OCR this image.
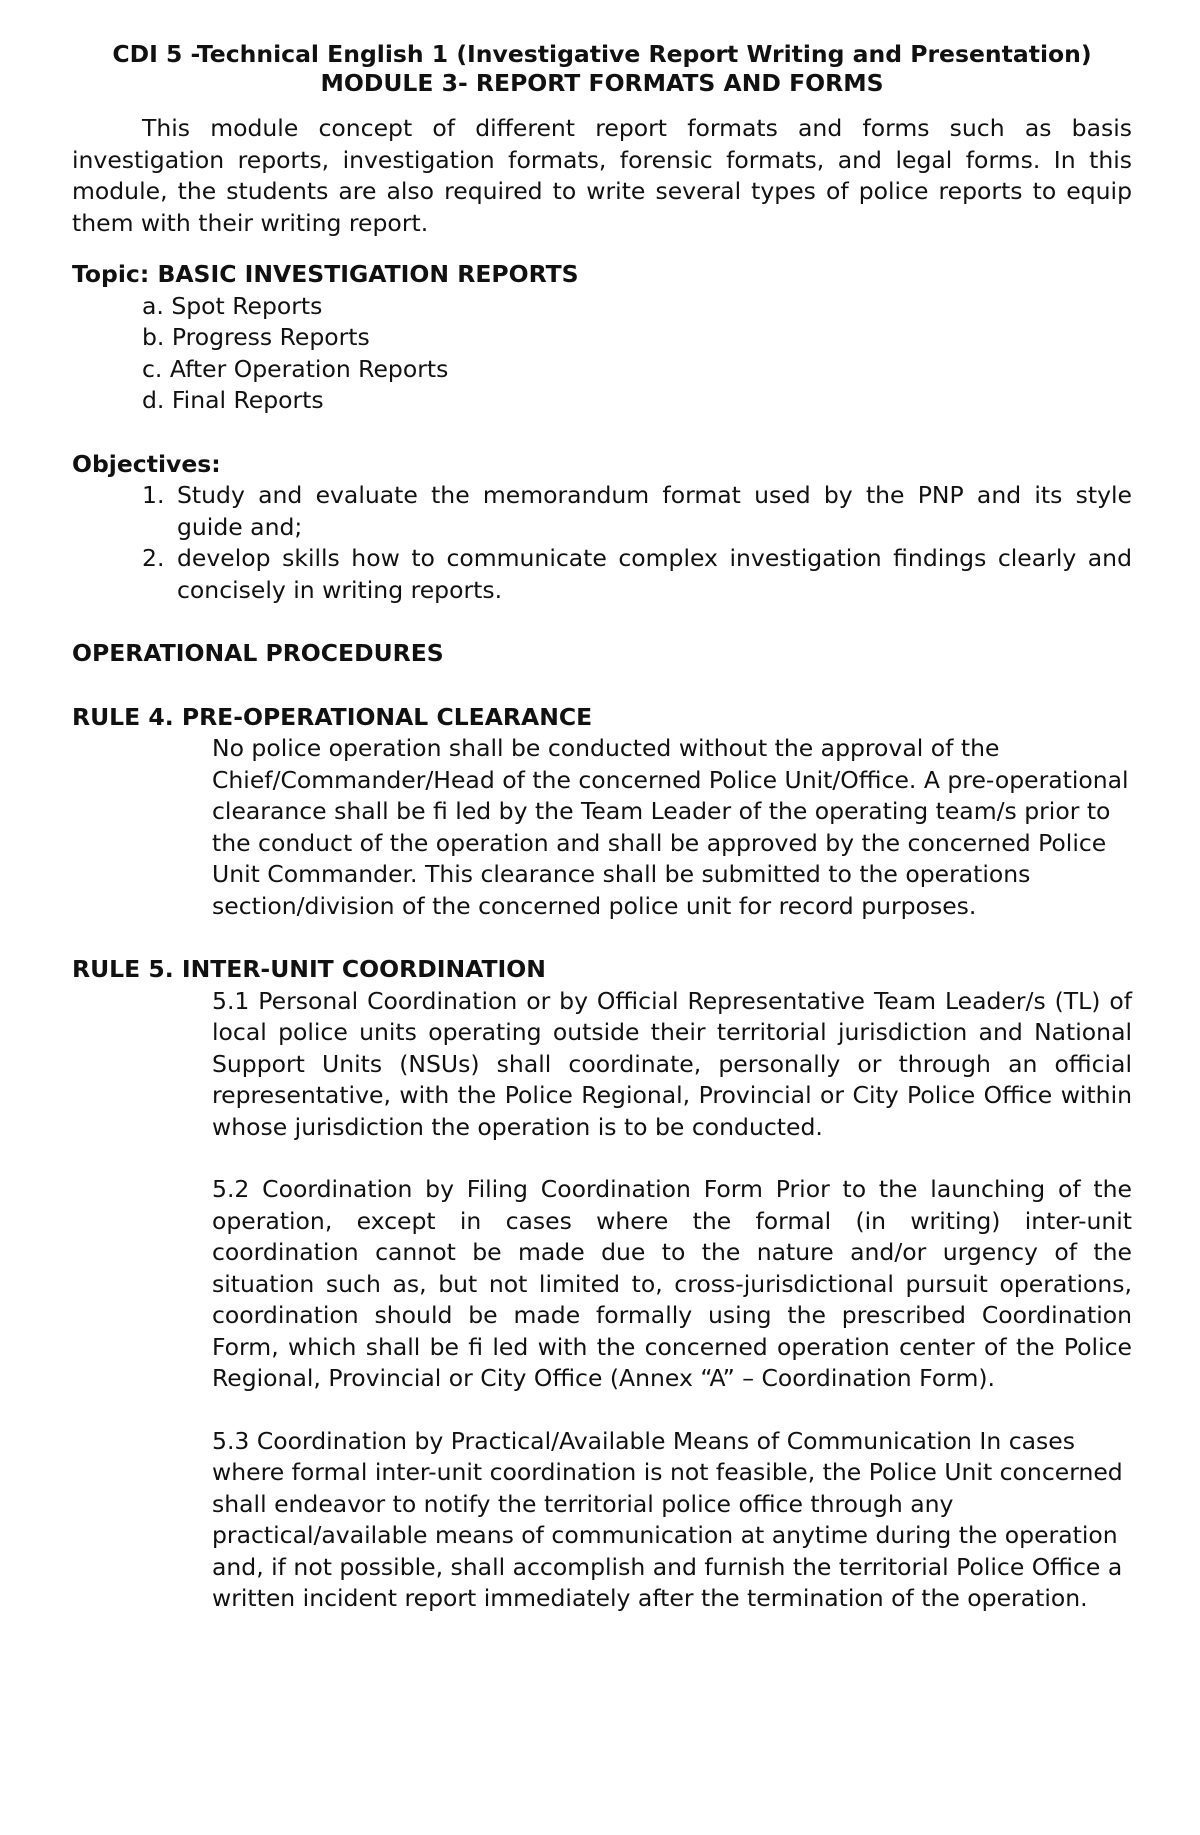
CDI 5 -Technical English 1 (Investigative Report Writing and Presentation)
MODULE 3- REPORT FORMATS AND FORMS
This module concept of different report formats and forms such as basis investigation reports, investigation formats, forensic formats, and legal forms. In this module, the students are also required to write several types of police reports to equip them with their writing report.
Topic: BASIC INVESTIGATION REPORTS
a. Spot Reports
b. Progress Reports
c. After Operation Reports
d. Final Reports
Objectives:
1. Study and evaluate the memorandum format used by the PNP and its style guide and;
2. develop skills how to communicate complex investigation findings clearly and concisely in writing reports.
OPERATIONAL PROCEDURES
RULE 4. PRE-OPERATIONAL CLEARANCE
No police operation shall be conducted without the approval of the Chief/Commander/Head of the concerned Police Unit/Office. A pre-operational clearance shall be fi led by the Team Leader of the operating team/s prior to the conduct of the operation and shall be approved by the concerned Police Unit Commander. This clearance shall be submitted to the operations section/division of the concerned police unit for record purposes.
RULE 5. INTER-UNIT COORDINATION
5.1 Personal Coordination or by Official Representative Team Leader/s (TL) of local police units operating outside their territorial jurisdiction and National Support Units (NSUs) shall coordinate, personally or through an official representative, with the Police Regional, Provincial or City Police Office within whose jurisdiction the operation is to be conducted.
5.2 Coordination by Filing Coordination Form Prior to the launching of the operation, except in cases where the formal (in writing) inter-unit coordination cannot be made due to the nature and/or urgency of the situation such as, but not limited to, cross-jurisdictional pursuit operations, coordination should be made formally using the prescribed Coordination Form, which shall be fi led with the concerned operation center of the Police Regional, Provincial or City Office (Annex “A” – Coordination Form).
5.3 Coordination by Practical/Available Means of Communication In cases where formal inter-unit coordination is not feasible, the Police Unit concerned shall endeavor to notify the territorial police office through any practical/available means of communication at anytime during the operation and, if not possible, shall accomplish and furnish the territorial Police Office a written incident report immediately after the termination of the operation.
